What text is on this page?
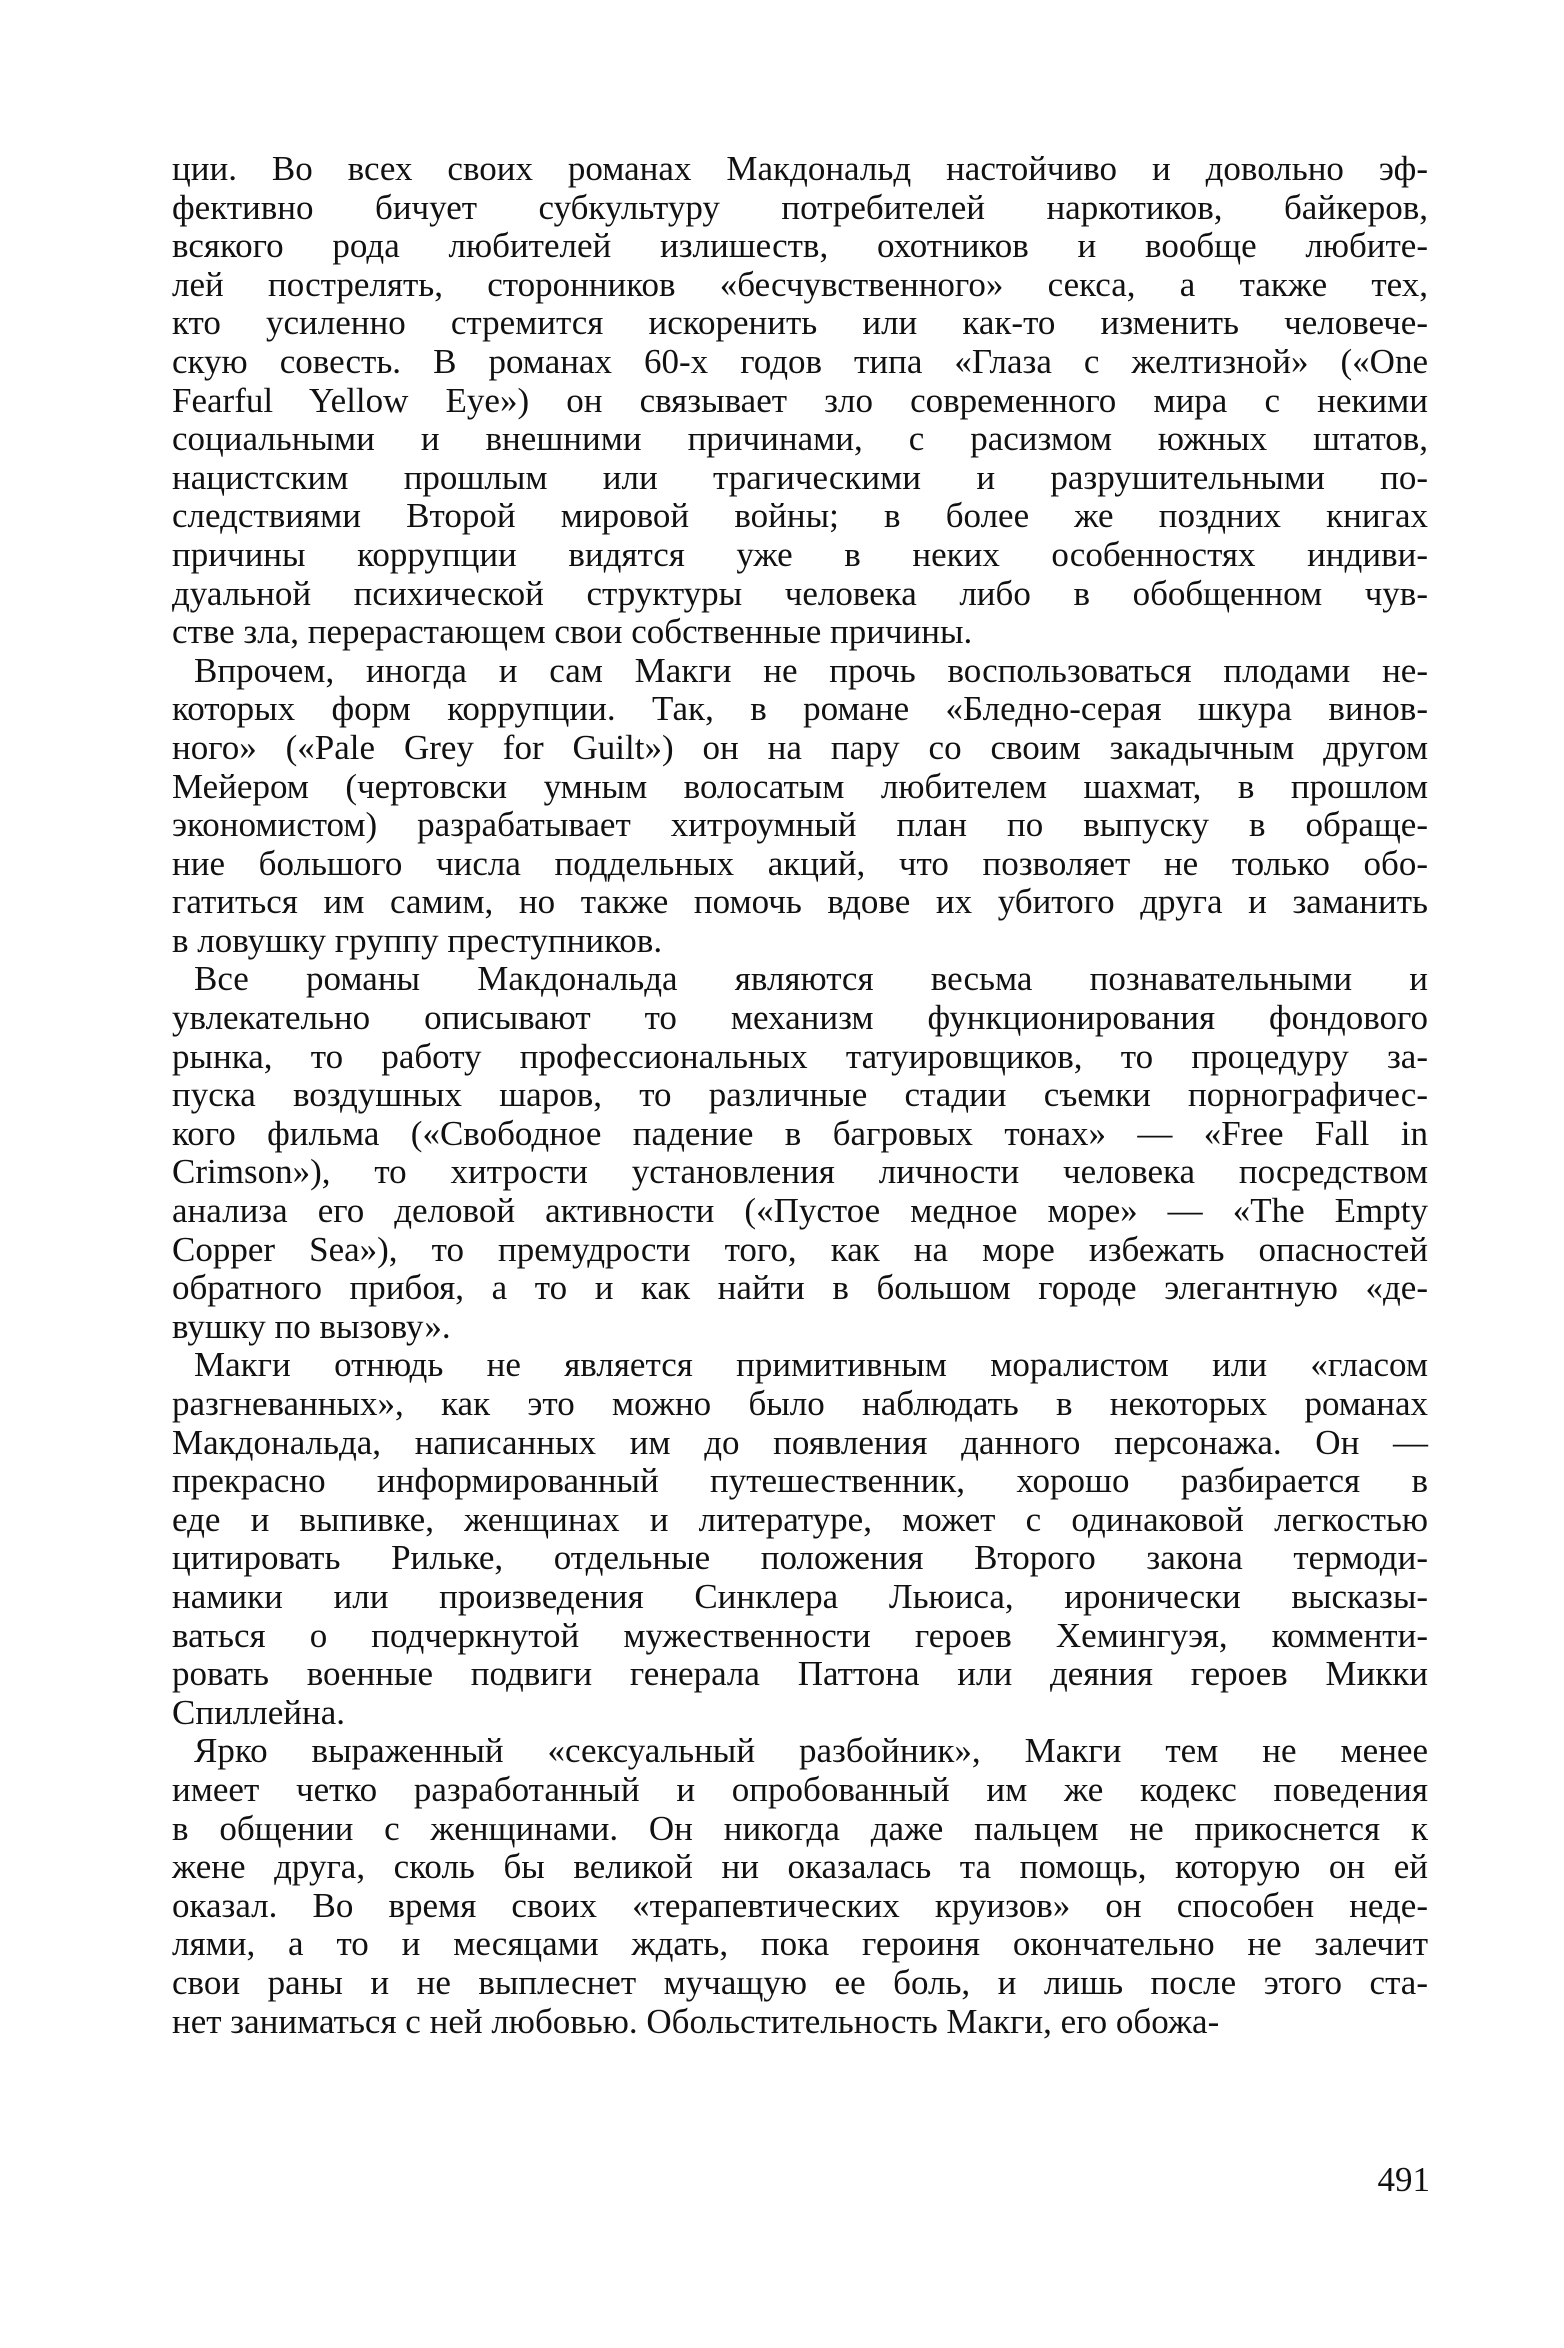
ции. Во всех своих романах Макдональд настойчиво и довольно эф-
фективно бичует субкультуру потребителей наркотиков, байкеров,
всякого рода любителей излишеств, охотников и вообще любите-
лей пострелять, сторонников «бесчувственного» секса, а также тех,
кто усиленно стремится искоренить или как-то изменить человече-
скую совесть. В романах 60-х годов типа «Глаза с желтизной» («One
Fearful Yellow Eye») он связывает зло современного мира с некими
социальными и внешними причинами, с расизмом южных штатов,
нацистским прошлым или трагическими и разрушительными по-
следствиями Второй мировой войны; в более же поздних книгах
причины коррупции видятся уже в неких особенностях индиви-
дуальной психической структуры человека либо в обобщенном чув-
стве зла, перерастающем свои собственные причины.
Впрочем, иногда и сам Макги не прочь воспользоваться плодами не-
которых форм коррупции. Так, в романе «Бледно-серая шкура винов-
ного» («Pale Grey for Guilt») он на пару со своим закадычным другом
Мейером (чертовски умным волосатым любителем шахмат, в прошлом
экономистом) разрабатывает хитроумный план по выпуску в обраще-
ние большого числа поддельных акций, что позволяет не только обо-
гатиться им самим, но также помочь вдове их убитого друга и заманить
в ловушку группу преступников.
Все романы Макдональда являются весьма познавательными и
увлекательно описывают то механизм функционирования фондового
рынка, то работу профессиональных татуировщиков, то процедуру за-
пуска воздушных шаров, то различные стадии съемки порнографичес-
кого фильма («Свободное падение в багровых тонах» — «Free Fall in
Crimson»), то хитрости установления личности человека посредством
анализа его деловой активности («Пустое медное море» — «The Empty
Copper Sea»), то премудрости того, как на море избежать опасностей
обратного прибоя, а то и как найти в большом городе элегантную «де-
вушку по вызову».
Макги отнюдь не является примитивным моралистом или «гласом
разгневанных», как это можно было наблюдать в некоторых романах
Макдональда, написанных им до появления данного персонажа. Он —
прекрасно информированный путешественник, хорошо разбирается в
еде и выпивке, женщинах и литературе, может с одинаковой легкостью
цитировать Рильке, отдельные положения Второго закона термоди-
намики или произведения Синклера Льюиса, иронически высказы-
ваться о подчеркнутой мужественности героев Хемингуэя, комменти-
ровать военные подвиги генерала Паттона или деяния героев Микки
Спиллейна.
Ярко выраженный «сексуальный разбойник», Макги тем не менее
имеет четко разработанный и опробованный им же кодекс поведения
в общении с женщинами. Он никогда даже пальцем не прикоснется к
жене друга, сколь бы великой ни оказалась та помощь, которую он ей
оказал. Во время своих «терапевтических круизов» он способен неде-
лями, а то и месяцами ждать, пока героиня окончательно не залечит
свои раны и не выплеснет мучащую ее боль, и лишь после этого ста-
нет заниматься с ней любовью. Обольстительность Макги, его обожа-
491
